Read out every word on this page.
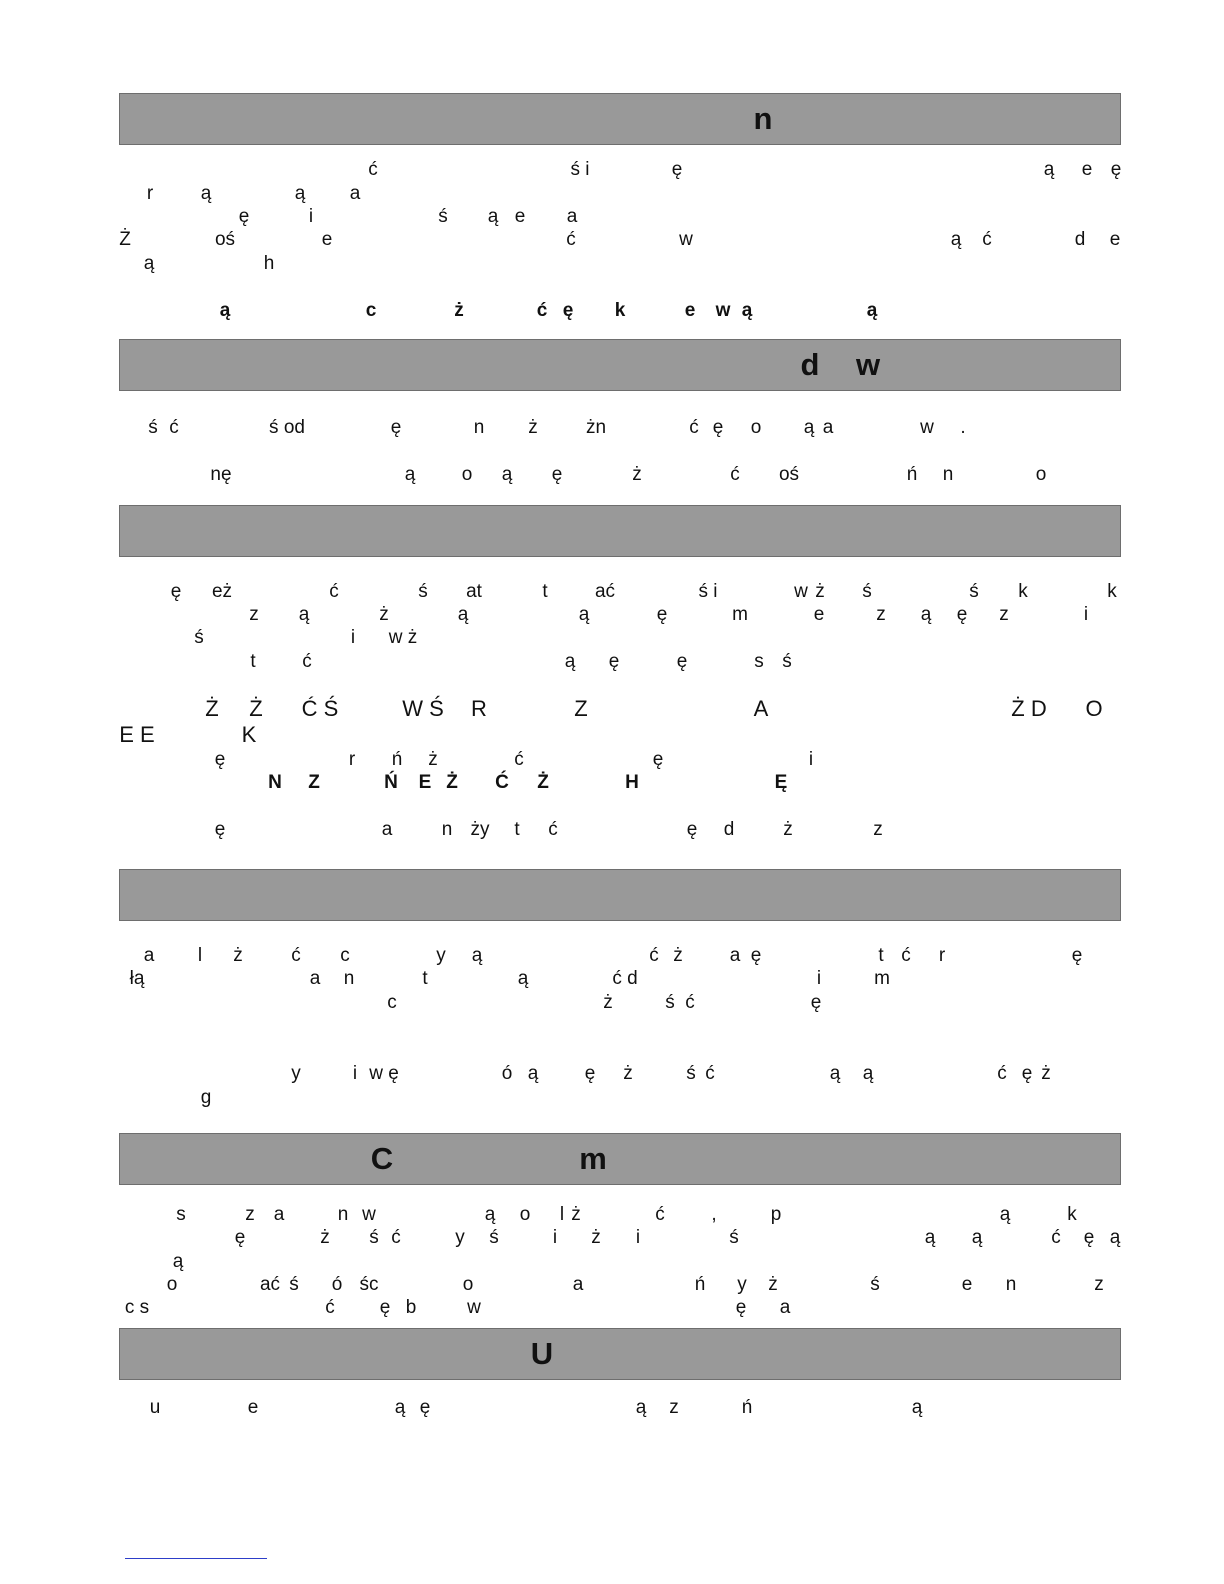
n
d w
C	m
U
ć	ś i	ę	ą e ę
r	ą	ą a
ę	i	ś ą e a
Ż	oś	e	ć	w	ą ć	d e
ą	h
ą	c	ż	ć ę k	e w ą	ą
ś ć	ś od	ę	n ż	żn	ć ę o ą a	w .
nę	ą o ą ę	ż	ć oś	ń n	o
ę eż	ć	ś at	t ać	ś i	w ż ś	ś k	k
z ą	ż	ą	ą	ę	m	e	z ą ę z	i
ś	i w ż
t ć	ą ę	ę	s ś
Ż Ż Ć Ś	W Ś R	Z	A	Ż D O
E E	K
ę	r ń ż	ć	ę	i
N Z	Ń E Ż Ć Ż	H	Ę
ę	a	n ży t ć	ę d	ż	z
a l ż	ć c	y ą	ć ż a ę	t ć r	ę
łą	a n	t	ą	ć d	i	m
c	ż	ś ć	ę
y	i w ę	ó ą ę ż	ś ć	ą ą	ć ę ż
g
s	z a	n w	ą o l ż	ć ,	p	ą	k
ę	ż ś ć	y ś	i ż i	ś	ą ą	ć ę ą
ą
o	ać ś ó śc	o	a	ń y ż	ś	e n	z
c s	ć ę b	w	ę a
u	e	ą ę	ą z	ń	ą
